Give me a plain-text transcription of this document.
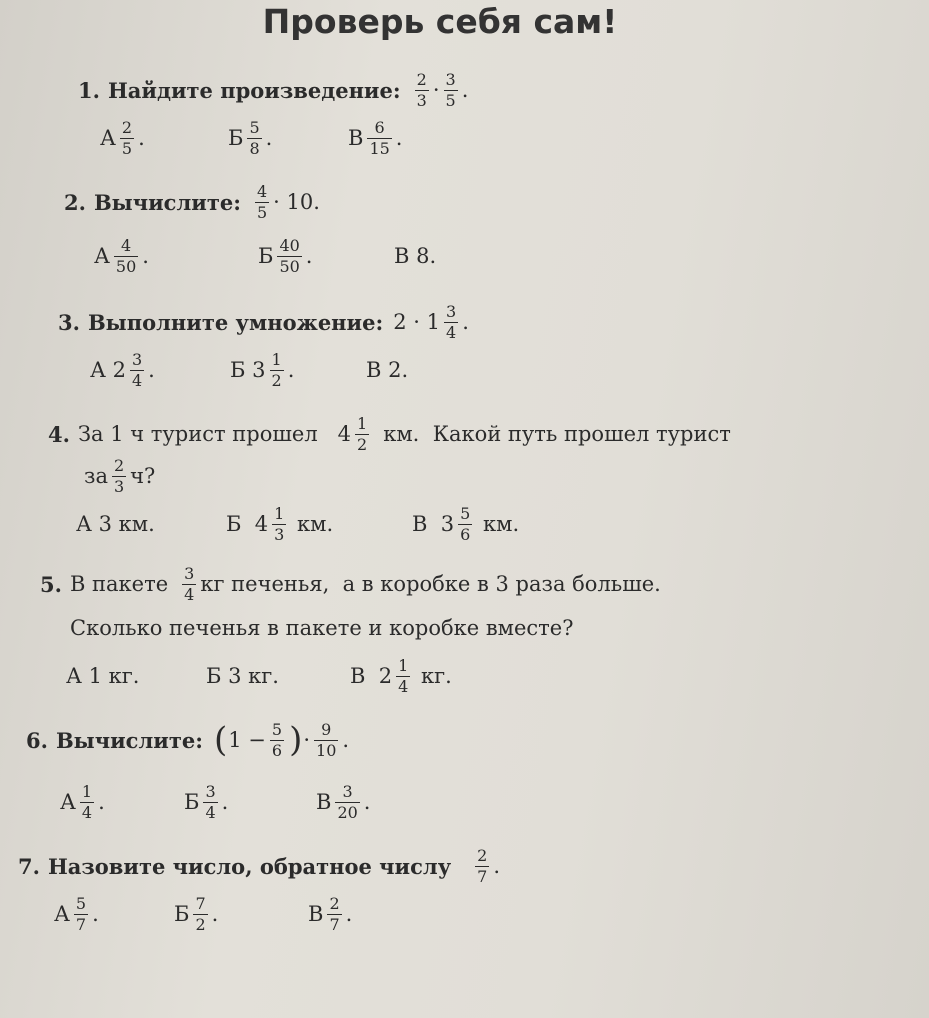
Проверь себя сам!
1. Найдите произведение: $\frac{2}{3} \cdot \frac{3}{5}$ .
А $\frac{2}{5}$ .	Б $\frac{5}{8}$ .	В $\frac{6}{15}$ .
2. Вычислите: $\frac{4}{5} \cdot 10$.
А $\frac{4}{50}$ .	Б $\frac{40}{50}$ .	В
8.
3. Выполните умножение: 2 ·
$1 \frac{3}{4}$ .
А
$2 \frac{3}{4}$ .	Б
$3 \frac{1}{2}$ .	В
2.
4. За 1 ч турист прошел $4 \frac{1}{2}$ км.  Какой путь прошел турист
за $\frac{2}{3} ч$?
А
3 км.	Б
$4 \frac{1}{3}$
км.	В
$3 \frac{5}{6}$
км.
5. В пакете $\frac{3}{4}$ кг печенья,  а в коробке в 3 раза больше.
Сколько печенья в пакете и коробке вместе?
А
1 кг.	Б
3 кг.	В
$2 \frac{1}{4}$
кг.
6. Вычислите: ( $1 - \frac{5}{6}$ ) · $\frac{9}{10}$ .
А $\frac{1}{4}$ .	Б $\frac{3}{4}$ .	В $\frac{3}{20}$ .
7. Назовите число, обратное числу $\frac{2}{7}$ .
А $\frac{5}{7}$ .	Б $\frac{7}{2}$ .	В $\frac{2}{7}$ .
